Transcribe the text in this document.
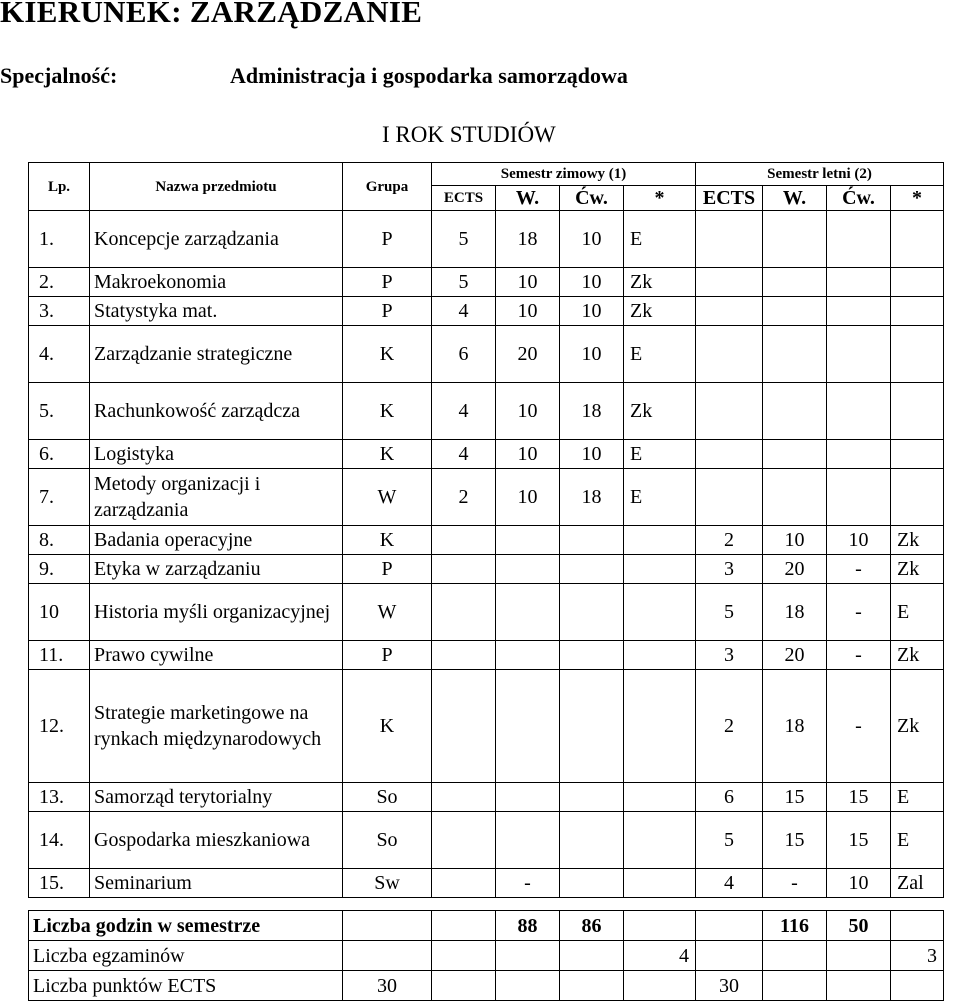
KIERUNEK: ZARZĄDZANIE
Specjalność:	Administracja i gospodarka samorządowa
I ROK STUDIÓW
Lp.	Nazwa przedmiotu	Grupa	Semestr zimowy (1)				Semestr letni (2)			
			ECTS	W.	Ćw.	*	ECTS	W.	Ćw.	*
1.	Koncepcje zarządzania	P	5	18	10	E				
2.	Makroekonomia	P	5	10	10	Zk				
3.	Statystyka mat.	P	4	10	10	Zk				
4.	Zarządzanie strategiczne	K	6	20	10	E				
5.	Rachunkowość zarządcza	K	4	10	18	Zk				
6.	Logistyka	K	4	10	10	E				
7.	Metody organizacji i zarządzania	W	2	10	18	E				
8.	Badania operacyjne	K					2	10	10	Zk
9.	Etyka w zarządzaniu	P					3	20	-	Zk
10	Historia myśli organizacyjnej	W					5	18	-	E
11.	Prawo cywilne	P					3	20	-	Zk
12.	Strategie marketingowe na rynkach międzynarodowych	K					2	18	-	Zk
13.	Samorząd terytorialny	So					6	15	15	E
14.	Gospodarka mieszkaniowa	So					5	15	15	E
15.	Seminarium	Sw		-			4	-	10	Zal
Liczba godzin w semestrze			88	86			116	50	
Liczba egzaminów					4				3
Liczba punktów ECTS	30					30			
